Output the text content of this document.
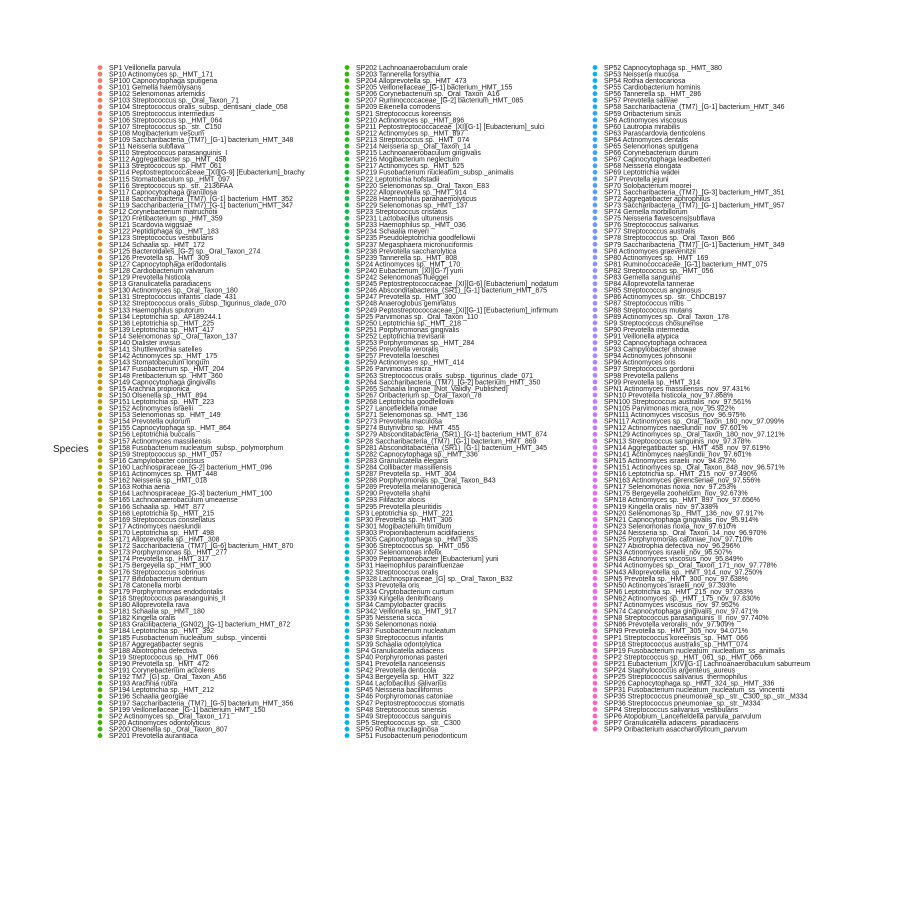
Species
SP1 Veillonella parvula
SP10 Actinomyces sp._HMT_171
SP100 Capnocytophaga sputigena
SP101 Gemella haemolysans
SP102 Selenomonas artemidis
SP103 Streptococcus sp._Oral_Taxon_71
SP104 Streptococcus oralis_subsp._dentisani_clade_058
SP105 Streptococcus intermedius
SP106 Streptococcus sp._HMT_064
SP107 Streptococcus sp._str._C150
SP108 Mogibacterium vescum
SP109 Saccharibacteria_(TM7)_[G-1] bacterium_HMT_348
SP11 Neisseria subflava
SP110 Streptococcus parasanguinis_I
SP112 Aggregatibacter sp._HMT_458
SP113 Streptococcus sp._HMT_061
SP114 Peptostreptococcaceae_[XI][G-9] [Eubacterium]_brachy
SP115 Stomatobaculum sp._HMT_097
SP116 Streptococcus sp._str._2136FAA
SP117 Capnocytophaga granulosa
SP118 Saccharibacteria_(TM7)_[G-1] bacterium_HMT_352
SP119 Saccharibacteria_(TM7)_[G-1] bacterium_HMT_347
SP12 Corynebacterium matruchotii
SP120 Fretibacterium sp._HMT_359
SP121 Scardovia wiggsiae
SP122 Peptidiphaga sp._HMT_183
SP123 Streptococcus vestibularis
SP124 Schaalia sp._HMT_172
SP125 Bacteroidales_[G-2] sp._Oral_Taxon_274
SP126 Prevotella sp._HMT_309
SP127 Capnocytophaga endodontalis
SP128 Cardiobacterium valvarum
SP129 Prevotella histicola
SP13 Granulicatella paradiacens
SP130 Actinomyces sp._Oral_Taxon_180
SP131 Streptococcus infantis_clade_431
SP132 Streptococcus oralis_subsp._tigurinus_clade_070
SP133 Haemophilus sputorum
SP134 Leptotrichia sp._AF189244.1
SP138 Leptotrichia sp._HMT_225
SP139 Leptotrichia sp._HMT_417
SP14 Selenomonas sp._Oral_Taxon_137
SP140 Dialister invisus
SP141 Shuttleworthia satelles
SP142 Actinomyces sp._HMT_175
SP143 Stomatobaculum longum
SP147 Fusobacterium sp._HMT_204
SP148 Fretibacterium sp._HMT_360
SP149 Capnocytophaga gingivalis
SP15 Arachnia propionica
SP150 Olsenella sp._HMT_894
SP151 Leptotrichia sp._HMT_223
SP152 Actinomyces israelii
SP153 Selenomonas sp._HMT_149
SP154 Prevotella oulorum
SP155 Capnocytophaga sp._HMT_864
SP156 Leptotrichia buccalis
SP157 Actinomyces massiliensis
SP158 Fusobacterium nucleatum_subsp._polymorphum
SP159 Streptococcus sp._HMT_057
SP16 Campylobacter concisus
SP160 Lachnospiraceae_[G-2] bacterium_HMT_096
SP161 Actinomyces sp._HMT_448
SP162 Neisseria sp._HMT_018
SP163 Rothia aeria
SP164 Lachnospiraceae_[G-3] bacterium_HMT_100
SP165 Lachnoanaerobaculum umeaense
SP166 Schaalia sp._HMT_877
SP168 Leptotrichia sp._HMT_215
SP169 Streptococcus constellatus
SP17 Actinomyces naeslundii
SP170 Leptotrichia sp._HMT_498
SP171 Alloprevotella sp._HMT_308
SP172 Saccharibacteria_(TM7)_[G-6] bacterium_HMT_870
SP173 Porphyromonas sp._HMT_277
SP174 Prevotella sp._HMT_317
SP175 Bergeyella sp._HMT_900
SP176 Streptococcus sobrinus
SP177 Bifidobacterium dentium
SP178 Catonella morbi
SP179 Porphyromonas endodontalis
SP18 Streptococcus parasanguinis_II
SP180 Alloprevotella rava
SP181 Schaalia sp._HMT_180
SP182 Kingella oralis
SP183 Gracilibacteria_(GN02)_[G-1] bacterium_HMT_872
SP184 Leptotrichia sp._HMT_392
SP185 Fusobacterium nucleatum_subsp._vincentii
SP187 Aggregatibacter segnis
SP188 Abiotrophia defectiva
SP19 Streptococcus sp._HMT_066
SP190 Prevotella sp._HMT_472
SP191 Corynebacterium accolens
SP192 TM7_[G] sp._Oral_Taxon_A56
SP193 Arachnia rubra
SP194 Leptotrichia sp._HMT_212
SP196 Schaalia georgiae
SP197 Saccharibacteria_(TM7)_[G-5] bacterium_HMT_356
SP199 Veillonellaceae_[G-1] bacterium_HMT_150
SP2 Actinomyces sp._Oral_Taxon_171
SP20 Actinomyces odontolyticus
SP200 Olsenella sp._Oral_Taxon_807
SP201 Prevotella aurantiaca
SP202 Lachnoanaerobaculum orale
SP203 Tannerella forsythia
SP204 Alloprevotella sp._HMT_473
SP205 Veillonellaceae_[G-1] bacterium_HMT_155
SP206 Corynebacterium sp._Oral_Taxon_A16
SP207 Ruminococcaceae_[G-2] bacterium_HMT_085
SP209 Eikenella corrodens
SP21 Streptococcus koreensis
SP210 Actinomyces sp._HMT_896
SP211 Peptostreptococcaceae_[XI][G-1] [Eubacterium]_sulci
SP212 Actinomyces sp._HMT_897
SP213 Streptococcus sp._HMT_074
SP214 Neisseria sp._Oral_Taxon_14
SP215 Lachnoanaerobaculum gingivalis
SP216 Mogibacterium neglectum
SP217 Actinomyces sp._HMT_525
SP219 Fusobacterium nucleatum_subsp._animalis
SP22 Leptotrichia hofstadii
SP220 Selenomonas sp._Oral_Taxon_E83
SP222 Alloprevotella sp._HMT_914
SP228 Haemophilus parahaemolyticus
SP229 Selenomonas sp._HMT_137
SP23 Streptococcus cristatus
SP231 Lactobacillus ultunensis
SP233 Haemophilus sp._HMT_036
SP234 Schaalia meyeri
SP235 Pseudoleptotrichia goodfellowii
SP237 Megasphaera micronuciformis
SP238 Prevotella saccharolytica
SP239 Tannerella sp._HMT_808
SP24 Actinomyces sp._HMT_170
SP240 Eubacterium_[XI][G-7] yurii
SP242 Selenomonas flueggei
SP245 Peptostreptococcaceae_[XI][G-6] [Eubacterium]_nodatum
SP246 Absconditabacteria_(SR1)_[G-1] bacterium_HMT_875
SP247 Prevotella sp._HMT_300
SP248 Anaeroglobus geminatus
SP249 Peptostreptococcaceae_[XI][G-1] [Eubacterium]_infirmum
SP25 Parvimonas sp._Oral_Taxon_110
SP250 Leptotrichia sp._HMT_218
SP251 Porphyromonas gingivalis
SP252 Leptotrichia trevisanii
SP253 Porphyromonas sp._HMT_284
SP256 Prevotella veroralis
SP257 Prevotella loescheii
SP259 Actinomyces sp._HMT_414
SP26 Parvimonas micra
SP263 Streptococcus oralis_subsp._tigurinus_clade_071
SP264 Saccharibacteria_(TM7)_[G-2] bacterium_HMT_350
SP265 Schaalia lingnae_[Not_Validly_Published]
SP267 Oribacterium sp._Oral_Taxon_78
SP268 Leptotrichia goodfellowii
SP27 Lancefieldella rimae
SP271 Selenomonas sp._HMT_136
SP273 Prevotella maculosa
SP274 Butyrivibrio sp._HMT_455
SP279 Absconditabacteria_(SR1)_[G-1] bacterium_HMT_874
SP28 Saccharibacteria_(TM7)_[G-1] bacterium_HMT_869
SP281 Absconditabacteria_(SR1)_[G-1] bacterium_HMT_345
SP282 Capnocytophaga sp._HMT_336
SP283 Granulicatella elegans
SP284 Collibacter massiliensis
SP287 Prevotella sp._HMT_304
SP288 Porphyromonas sp._Oral_Taxon_B43
SP289 Prevotella melaninogenica
SP290 Prevotella shahii
SP293 Filifactor alocis
SP295 Prevotella pleuritidis
SP3 Leptotrichia sp._HMT_221
SP30 Prevotella sp._HMT_306
SP301 Mogibacterium timidum
SP303 Propionibacterium acidifaciens
SP305 Capnocytophaga sp._HMT_335
SP306 Streptococcus sp._HMT_056
SP307 Selenomonas infelix
SP309 Peptoanaerobacter [Eubacterium] yurii
SP31 Haemophilus parainfluenzae
SP32 Streptococcus oralis
SP328 Lachnospiraceae_[G] sp._Oral_Taxon_B32
SP33 Prevotella oris
SP334 Cryptobacterium curtum
SP339 Kingella denitrificans
SP34 Campylobacter gracilis
SP342 Veillonella sp._HMT_917
SP35 Neisseria sicca
SP36 Selenomonas noxia
SP37 Fusobacterium nucleatum
SP38 Streptococcus infantis
SP39 Schaalia odontolytica
SP4 Granulicatella adiacens
SP40 Porphyromonas pasteri
SP41 Prevotella nanceiensis
SP42 Prevotella denticola
SP43 Bergeyella sp._HMT_322
SP44 Lactobacillus salivarius
SP45 Neisseria bacilliformis
SP46 Porphyromonas catoniae
SP47 Peptostreptococcus stomatis
SP48 Streptococcus sinensis
SP49 Streptococcus sanguinis
SP5 Streptococcus sp._str._C300
SP50 Rothia mucilaginosa
SP51 Fusobacterium periodonticum
SP52 Capnocytophaga sp._HMT_380
SP53 Neisseria mucosa
SP54 Rothia dentocariosa
SP55 Cardiobacterium hominis
SP56 Tannerella sp._HMT_286
SP57 Prevotella salivae
SP58 Saccharibacteria_(TM7)_[G-1] bacterium_HMT_346
SP59 Oribacterium sinus
SP6 Actinomyces viscosus
SP60 Lautropia mirabilis
SP63 Parascardovia denticolens
SP64 Actinomyces dentalis
SP65 Selenomonas sputigena
SP66 Corynebacterium durum
SP67 Capnocytophaga leadbetteri
SP68 Neisseria elongata
SP69 Leptotrichia wadei
SP7 Prevotella jejuni
SP70 Solobacterium moorei
SP71 Saccharibacteria_(TM7)_[G-3] bacterium_HMT_351
SP72 Aggregatibacter aphrophilus
SP73 Saccharibacteria_(TM7)_[G-1] bacterium_HMT_957
SP74 Gemella morbillorum
SP75 Neisseria flavescens|subflava
SP76 Streptococcus salivarius
SP77 Streptococcus australis
SP78 Streptococcus sp._Oral_Taxon_B66
SP79 Saccharibacteria_(TM7)_[G-1] bacterium_HMT_349
SP8 Actinomyces graevenitzii
SP80 Actinomyces sp._HMT_169
SP81 Ruminococcaceae_[G-1] bacterium_HMT_075
SP82 Streptococcus sp._HMT_056
SP83 Gemella sanguinis
SP84 Alloprevotella tannerae
SP85 Streptococcus anginosus
SP86 Actinomyces sp._str._ChDCB197
SP87 Streptococcus mitis
SP88 Streptococcus mutans
SP89 Actinomyces sp._Oral_Taxon_178
SP9 Streptococcus chosunense
SP90 Prevotella intermedia
SP91 Veillonella atypica
SP92 Capnocytophaga ochracea
SP93 Campylobacter showae
SP94 Actinomyces johnsonii
SP96 Actinomyces oris
SP97 Streptococcus gordonii
SP98 Prevotella pallens
SP99 Prevotella sp._HMT_314
SPN1 Actinomyces massiliensis_nov_97.431%
SPN10 Prevotella histicola_nov_97.868%
SPN100 Streptococcus australis_nov_97.561%
SPN105 Parvimonas micra_nov_95.922%
SPN111 Actinomyces viscosus_nov_96.975%
SPN117 Actinomyces sp._Oral_Taxon_180_nov_97.099%
SPN12 Actinomyces naeslundii_nov_97.601%
SPN129 Actinomyces sp._Oral_Taxon_180_nov_97.121%
SPN13 Streptococcus sanguinis_nov_97.378%
SPN14 Aggregatibacter sp._HMT_458_nov_97.619%
SPN141 Actinomyces naeslundii_nov_97.601%
SPN15 Actinomyces israelii_nov_94.872%
SPN151 Actinomyces sp._Oral_Taxon_848_nov_96.571%
SPN16 Leptotrichia sp._HMT_215_nov_97.490%
SPN163 Actinomyces gerencseriae_nov_97.556%
SPN17 Selenomonas noxia_nov_97.253%
SPN175 Bergeyella zoohelcum_nov_92.673%
SPN18 Actinomyces sp._HMT_897_nov_97.656%
SPN19 Kingella oralis_nov_97.338%
SPN20 Selenomonas sp._HMT_136_nov_97.917%
SPN21 Capnocytophaga gingivalis_nov_95.914%
SPN23 Selenomonas noxia_nov_97.610%
SPN24 Neisseria sp._Oral_Taxon_14_nov_96.970%
SPN25 Porphyromonas catoniae_nov_97.710%
SPN27 Abiotrophia defectiva_nov_96.296%
SPN3 Actinomyces israelii_nov_96.507%
SPN38 Actinomyces viscosus_nov_95.849%
SPN4 Actinomyces sp._Oral_Taxon_171_nov_97.778%
SPN43 Alloprevotella sp._HMT_914_nov_97.250%
SPN5 Prevotella sp._HMT_300_nov_97.638%
SPN50 Actinomyces israelii_nov_97.393%
SPN6 Leptotrichia sp._HMT_215_nov_97.083%
SPN62 Actinomyces sp._HMT_175_nov_97.830%
SPN7 Actinomyces viscosus_nov_97.952%
SPN74 Capnocytophaga gingivalis_nov_97.471%
SPN8 Streptococcus parasanguinis_II_nov_97.740%
SPN86 Prevotella veroralis_nov_97.909%
SPN9 Prevotella sp._HMT_305_nov_94.071%
SPP1 Streptococcus koreensis_sp._HMT_066
SPP18 Streptococcus australis_sp._HMT_074
SPP19 Fusobacterium nucleatum_nucleatum_ss_animalis
SPP2 Streptococcus sp._HMT_061_sp._HMT_066
SPP21 Eubacterium_[XIV][G-1] Lachnoanaerobaculum saburreum
SPP24 Staphylococcus argenteus_aureus
SPP25 Streptococcus salivarius_thermophilus
SPP26 Capnocytophaga sp._HMT_324_sp._HMT_336
SPP31 Fusobacterium nucleatum_nucleatum_ss_vincentii
SPP35 Streptococcus pneumoniae_sp._str._C300_sp._str._M334
SPP36 Streptococcus pneumoniae_sp._str._M334
SPP4 Streptococcus salivarius_vestibularis
SPP6 Atopobium_Lancefieldella parvula_parvulum
SPP7 Granulicatella adiacens_paradiacens
SPP9 Oribacterium asaccharolyticum_parvum
